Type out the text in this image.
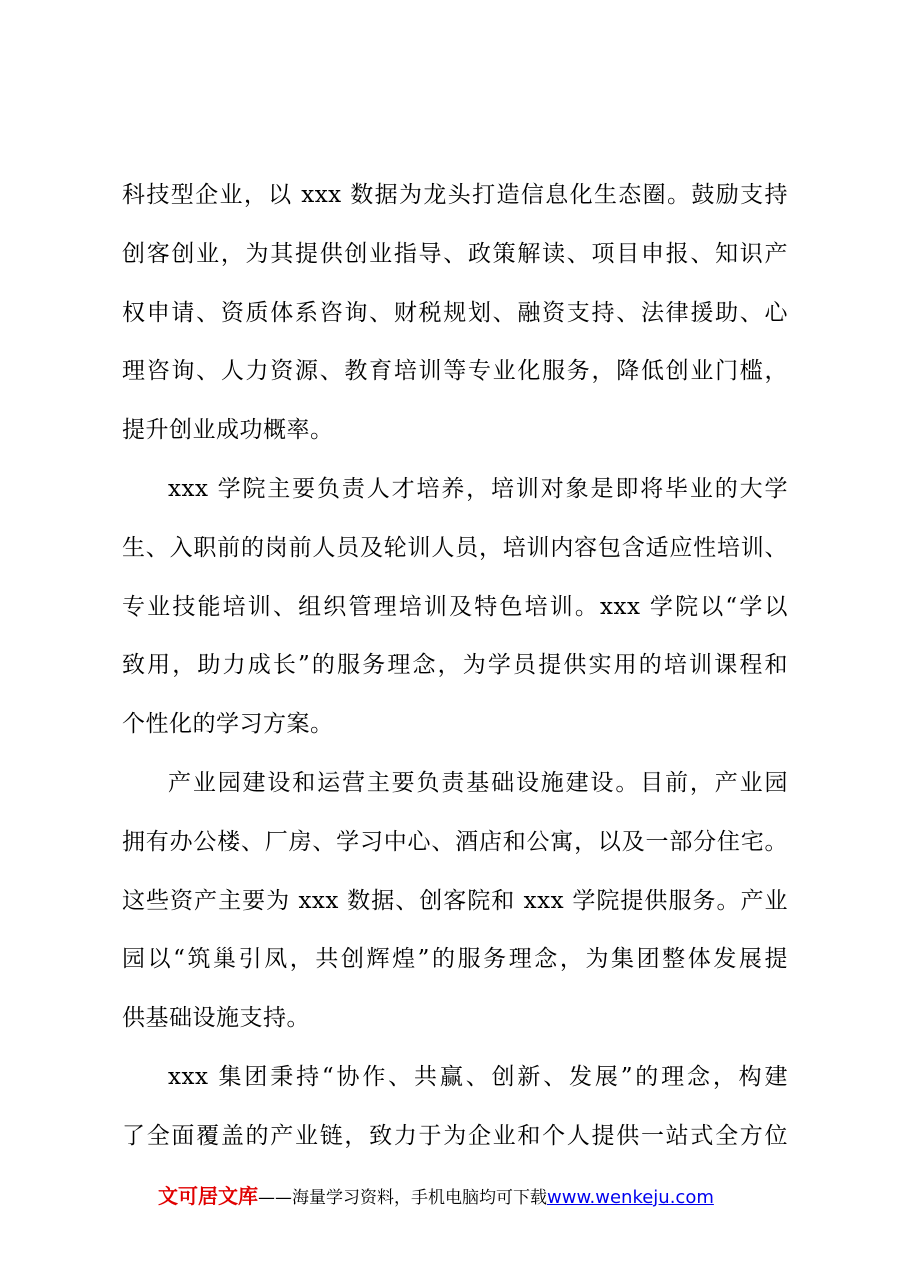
科技型企业，以 xxx 数据为龙头打造信息化生态圈。鼓励支持
创客创业，为其提供创业指导、政策解读、项目申报、知识产
权申请、资质体系咨询、财税规划、融资支持、法律援助、心
理咨询、人力资源、教育培训等专业化服务，降低创业门槛，
提升创业成功概率。
xxx 学院主要负责人才培养，培训对象是即将毕业的大学
生、入职前的岗前人员及轮训人员，培训内容包含适应性培训、
专业技能培训、组织管理培训及特色培训。xxx 学院以“学以
致用，助力成长”的服务理念，为学员提供实用的培训课程和
个性化的学习方案。
产业园建设和运营主要负责基础设施建设。目前，产业园
拥有办公楼、厂房、学习中心、酒店和公寓，以及一部分住宅。
这些资产主要为 xxx 数据、创客院和 xxx 学院提供服务。产业
园以“筑巢引凤，共创辉煌”的服务理念，为集团整体发展提
供基础设施支持。
xxx 集团秉持“协作、共赢、创新、发展”的理念，构建
了全面覆盖的产业链，致力于为企业和个人提供一站式全方位
文可居文库——海量学习资料，手机电脑均可下载www.wenkeju.com
